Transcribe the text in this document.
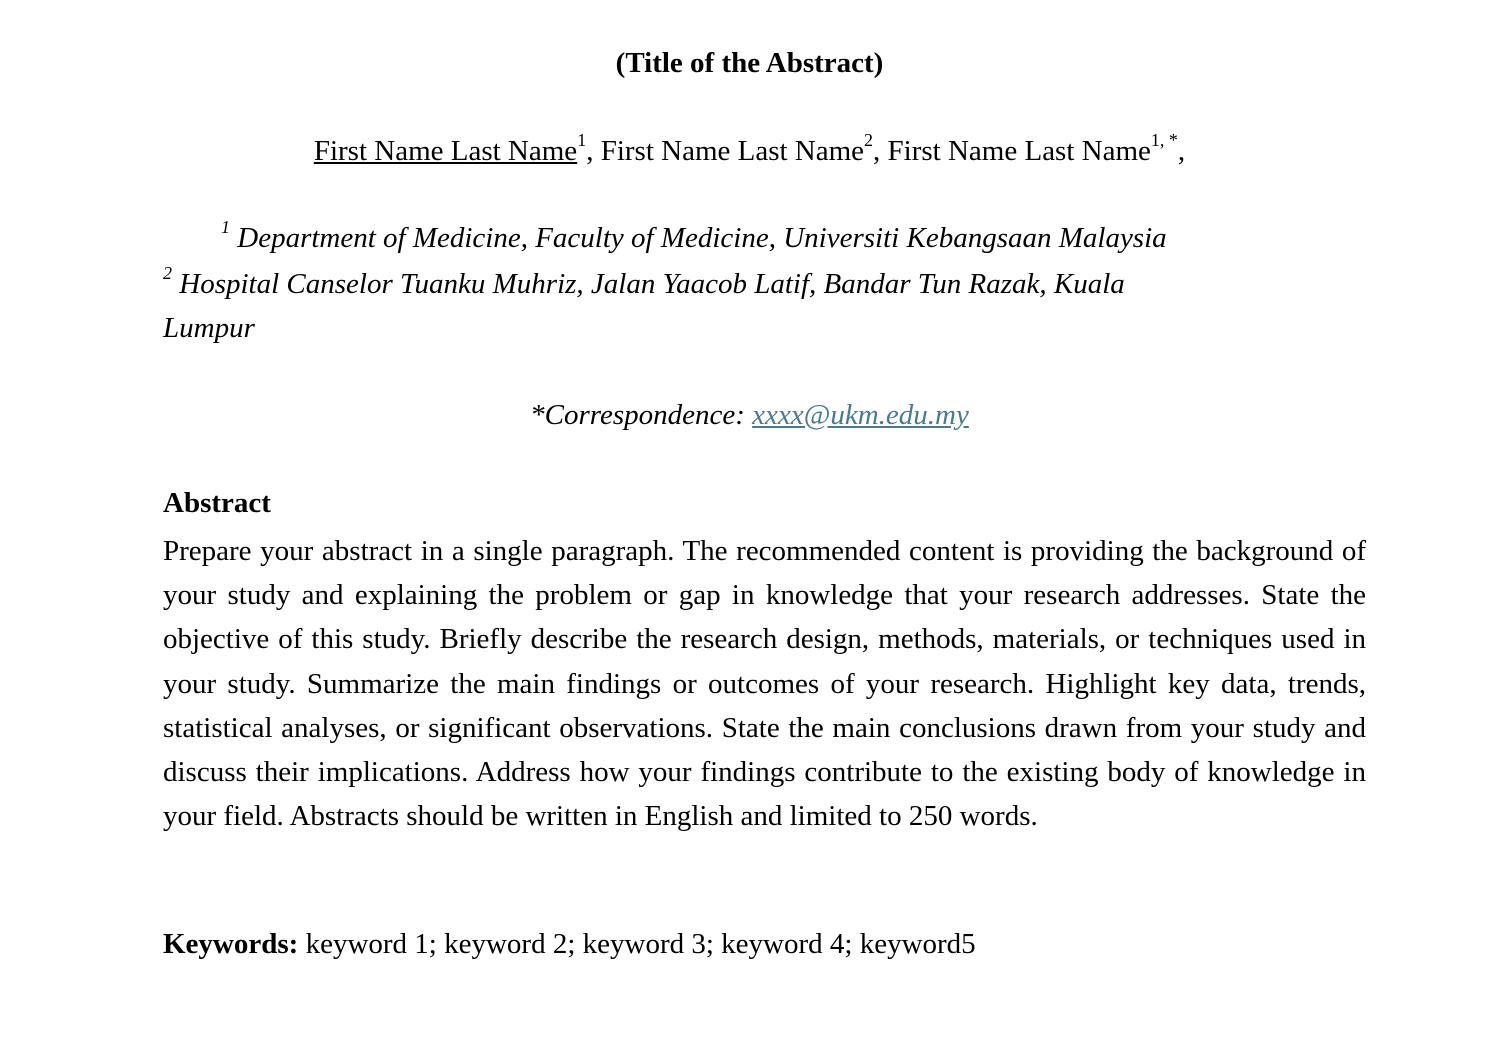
(Title of the Abstract)
First Name Last Name$^1$, First Name Last Name$^2$, First Name Last Name$^{1, *}$,
$^1$ Department of Medicine, Faculty of Medicine, Universiti Kebangsaan Malaysia
$^2$ Hospital Canselor Tuanku Muhriz, Jalan Yaacob Latif, Bandar Tun Razak, Kuala
Lumpur
*Correspondence: xxxx@ukm.edu.my
Abstract
Prepare your abstract in a single paragraph. The recommended content is providing the background of your study and explaining the problem or gap in knowledge that your research addresses. State the objective of this study. Briefly describe the research design, methods, materials, or techniques used in your study. Summarize the main findings or outcomes of your research. Highlight key data, trends, statistical analyses, or significant observations. State the main conclusions drawn from your study and discuss their implications. Address how your findings contribute to the existing body of knowledge in your field. Abstracts should be written in English and limited to 250 words.
Keywords: keyword 1; keyword 2; keyword 3; keyword 4; keyword5
